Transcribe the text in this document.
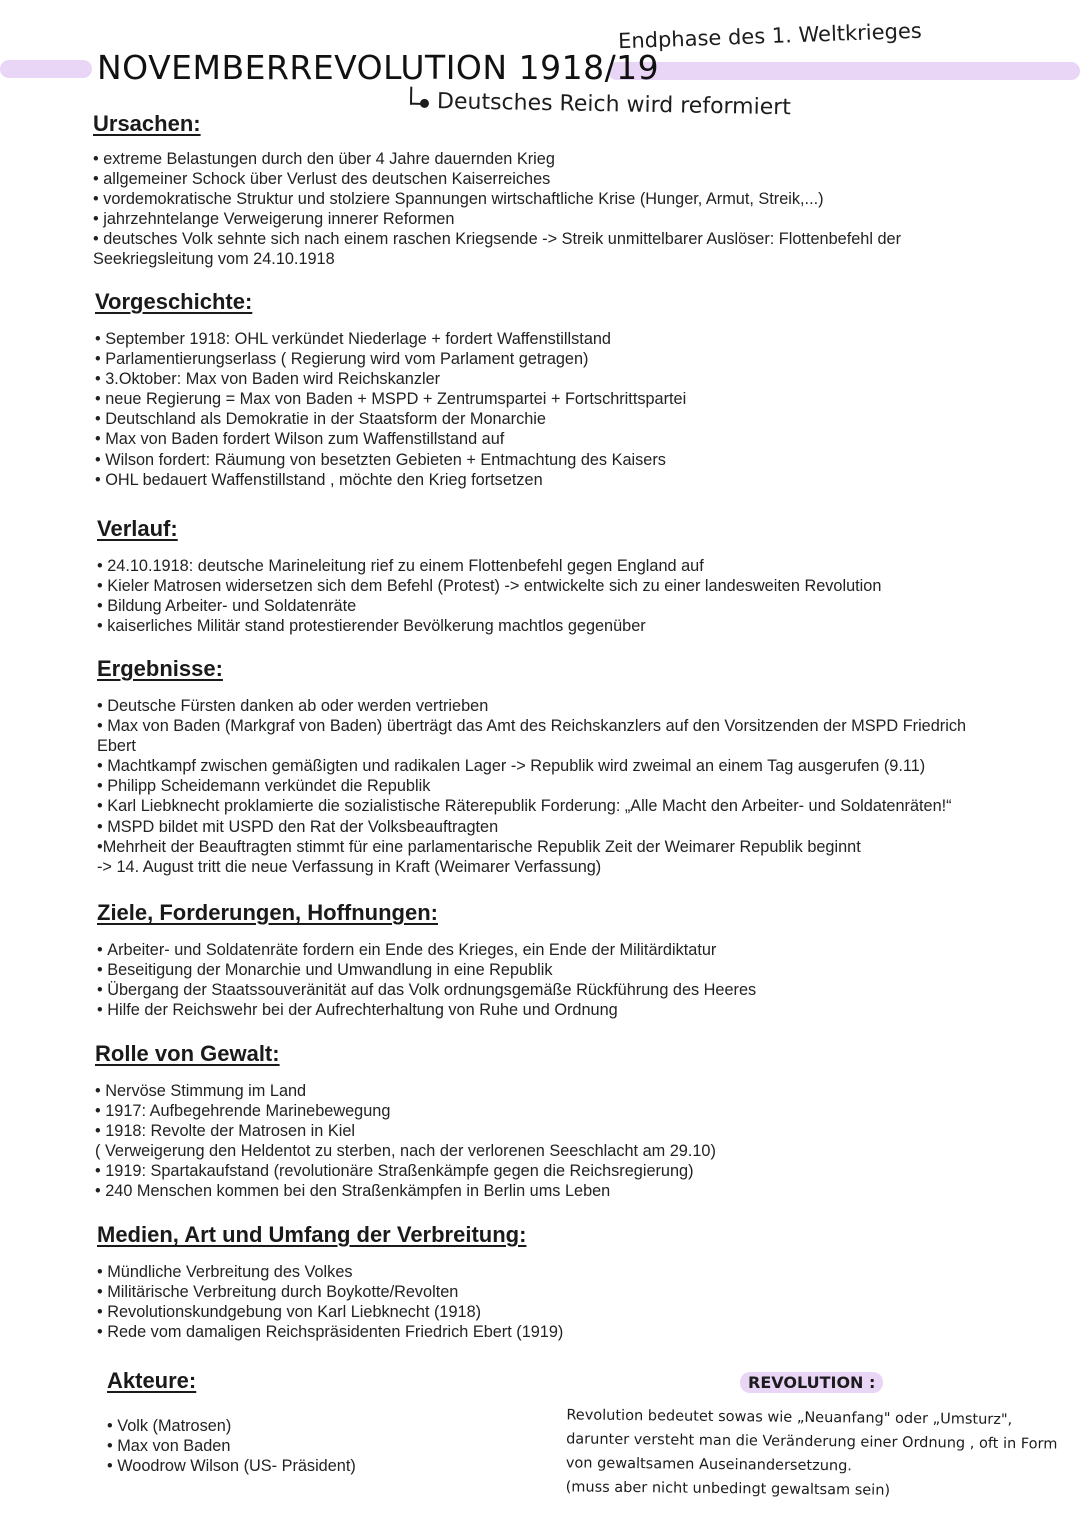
NOVEMBERREVOLUTION 1918/19
Endphase des 1. Weltkrieges
Deutsches Reich wird reformiert
Ursachen:
• extreme Belastungen durch den über 4 Jahre dauernden Krieg
• allgemeiner Schock über Verlust des deutschen Kaiserreiches
• vordemokratische Struktur und stolziere Spannungen wirtschaftliche Krise (Hunger, Armut, Streik,...)
• jahrzehntelange Verweigerung innerer Reformen
• deutsches Volk sehnte sich nach einem raschen Kriegsende -> Streik unmittelbarer Auslöser: Flottenbefehl der Seekriegsleitung vom 24.10.1918
Vorgeschichte:
• September 1918: OHL verkündet Niederlage + fordert Waffenstillstand
• Parlamentierungserlass ( Regierung wird vom Parlament getragen)
• 3.Oktober: Max von Baden wird Reichskanzler
• neue Regierung = Max von Baden + MSPD + Zentrumspartei + Fortschrittspartei
• Deutschland als Demokratie in der Staatsform der Monarchie
• Max von Baden fordert Wilson zum Waffenstillstand auf
• Wilson fordert: Räumung von besetzten Gebieten + Entmachtung des Kaisers
• OHL bedauert Waffenstillstand , möchte den Krieg fortsetzen
Verlauf:
• 24.10.1918: deutsche Marineleitung rief zu einem Flottenbefehl gegen England auf
• Kieler Matrosen widersetzen sich dem Befehl (Protest) -> entwickelte sich zu einer landesweiten Revolution
• Bildung Arbeiter- und Soldatenräte
• kaiserliches Militär stand protestierender Bevölkerung machtlos gegenüber
Ergebnisse:
• Deutsche Fürsten danken ab oder werden vertrieben
• Max von Baden (Markgraf von Baden) überträgt das Amt des Reichskanzlers auf den Vorsitzenden der MSPD Friedrich Ebert
• Machtkampf zwischen gemäßigten und radikalen Lager -> Republik wird zweimal an einem Tag ausgerufen (9.11)
• Philipp Scheidemann verkündet die Republik
• Karl Liebknecht proklamierte die sozialistische Räterepublik Forderung: „Alle Macht den Arbeiter- und Soldatenräten!“
• MSPD bildet mit USPD den Rat der Volksbeauftragten
•Mehrheit der Beauftragten stimmt für eine parlamentarische Republik Zeit der Weimarer Republik beginnt
-> 14. August tritt die neue Verfassung in Kraft (Weimarer Verfassung)
Ziele, Forderungen, Hoffnungen:
• Arbeiter- und Soldatenräte fordern ein Ende des Krieges, ein Ende der Militärdiktatur
• Beseitigung der Monarchie und Umwandlung in eine Republik
• Übergang der Staatssouveränität auf das Volk ordnungsgemäße Rückführung des Heeres
• Hilfe der Reichswehr bei der Aufrechterhaltung von Ruhe und Ordnung
Rolle von Gewalt:
• Nervöse Stimmung im Land
• 1917: Aufbegehrende Marinebewegung
• 1918: Revolte der Matrosen in Kiel
( Verweigerung den Heldentot zu sterben, nach der verlorenen Seeschlacht am 29.10)
• 1919: Spartakaufstand (revolutionäre Straßenkämpfe gegen die Reichsregierung)
• 240 Menschen kommen bei den Straßenkämpfen in Berlin ums Leben
Medien, Art und Umfang der Verbreitung:
• Mündliche Verbreitung des Volkes
• Militärische Verbreitung durch Boykotte/Revolten
• Revolutionskundgebung von Karl Liebknecht (1918)
• Rede vom damaligen Reichspräsidenten Friedrich Ebert (1919)
Akteure:
• Volk (Matrosen)
• Max von Baden
• Woodrow Wilson (US- Präsident)
REVOLUTION :
Revolution bedeutet sowas wie „Neuanfang" oder „Umsturz",
darunter versteht man die Veränderung einer Ordnung , oft in Form
von gewaltsamen Auseinandersetzung.
(muss aber nicht unbedingt gewaltsam sein)
